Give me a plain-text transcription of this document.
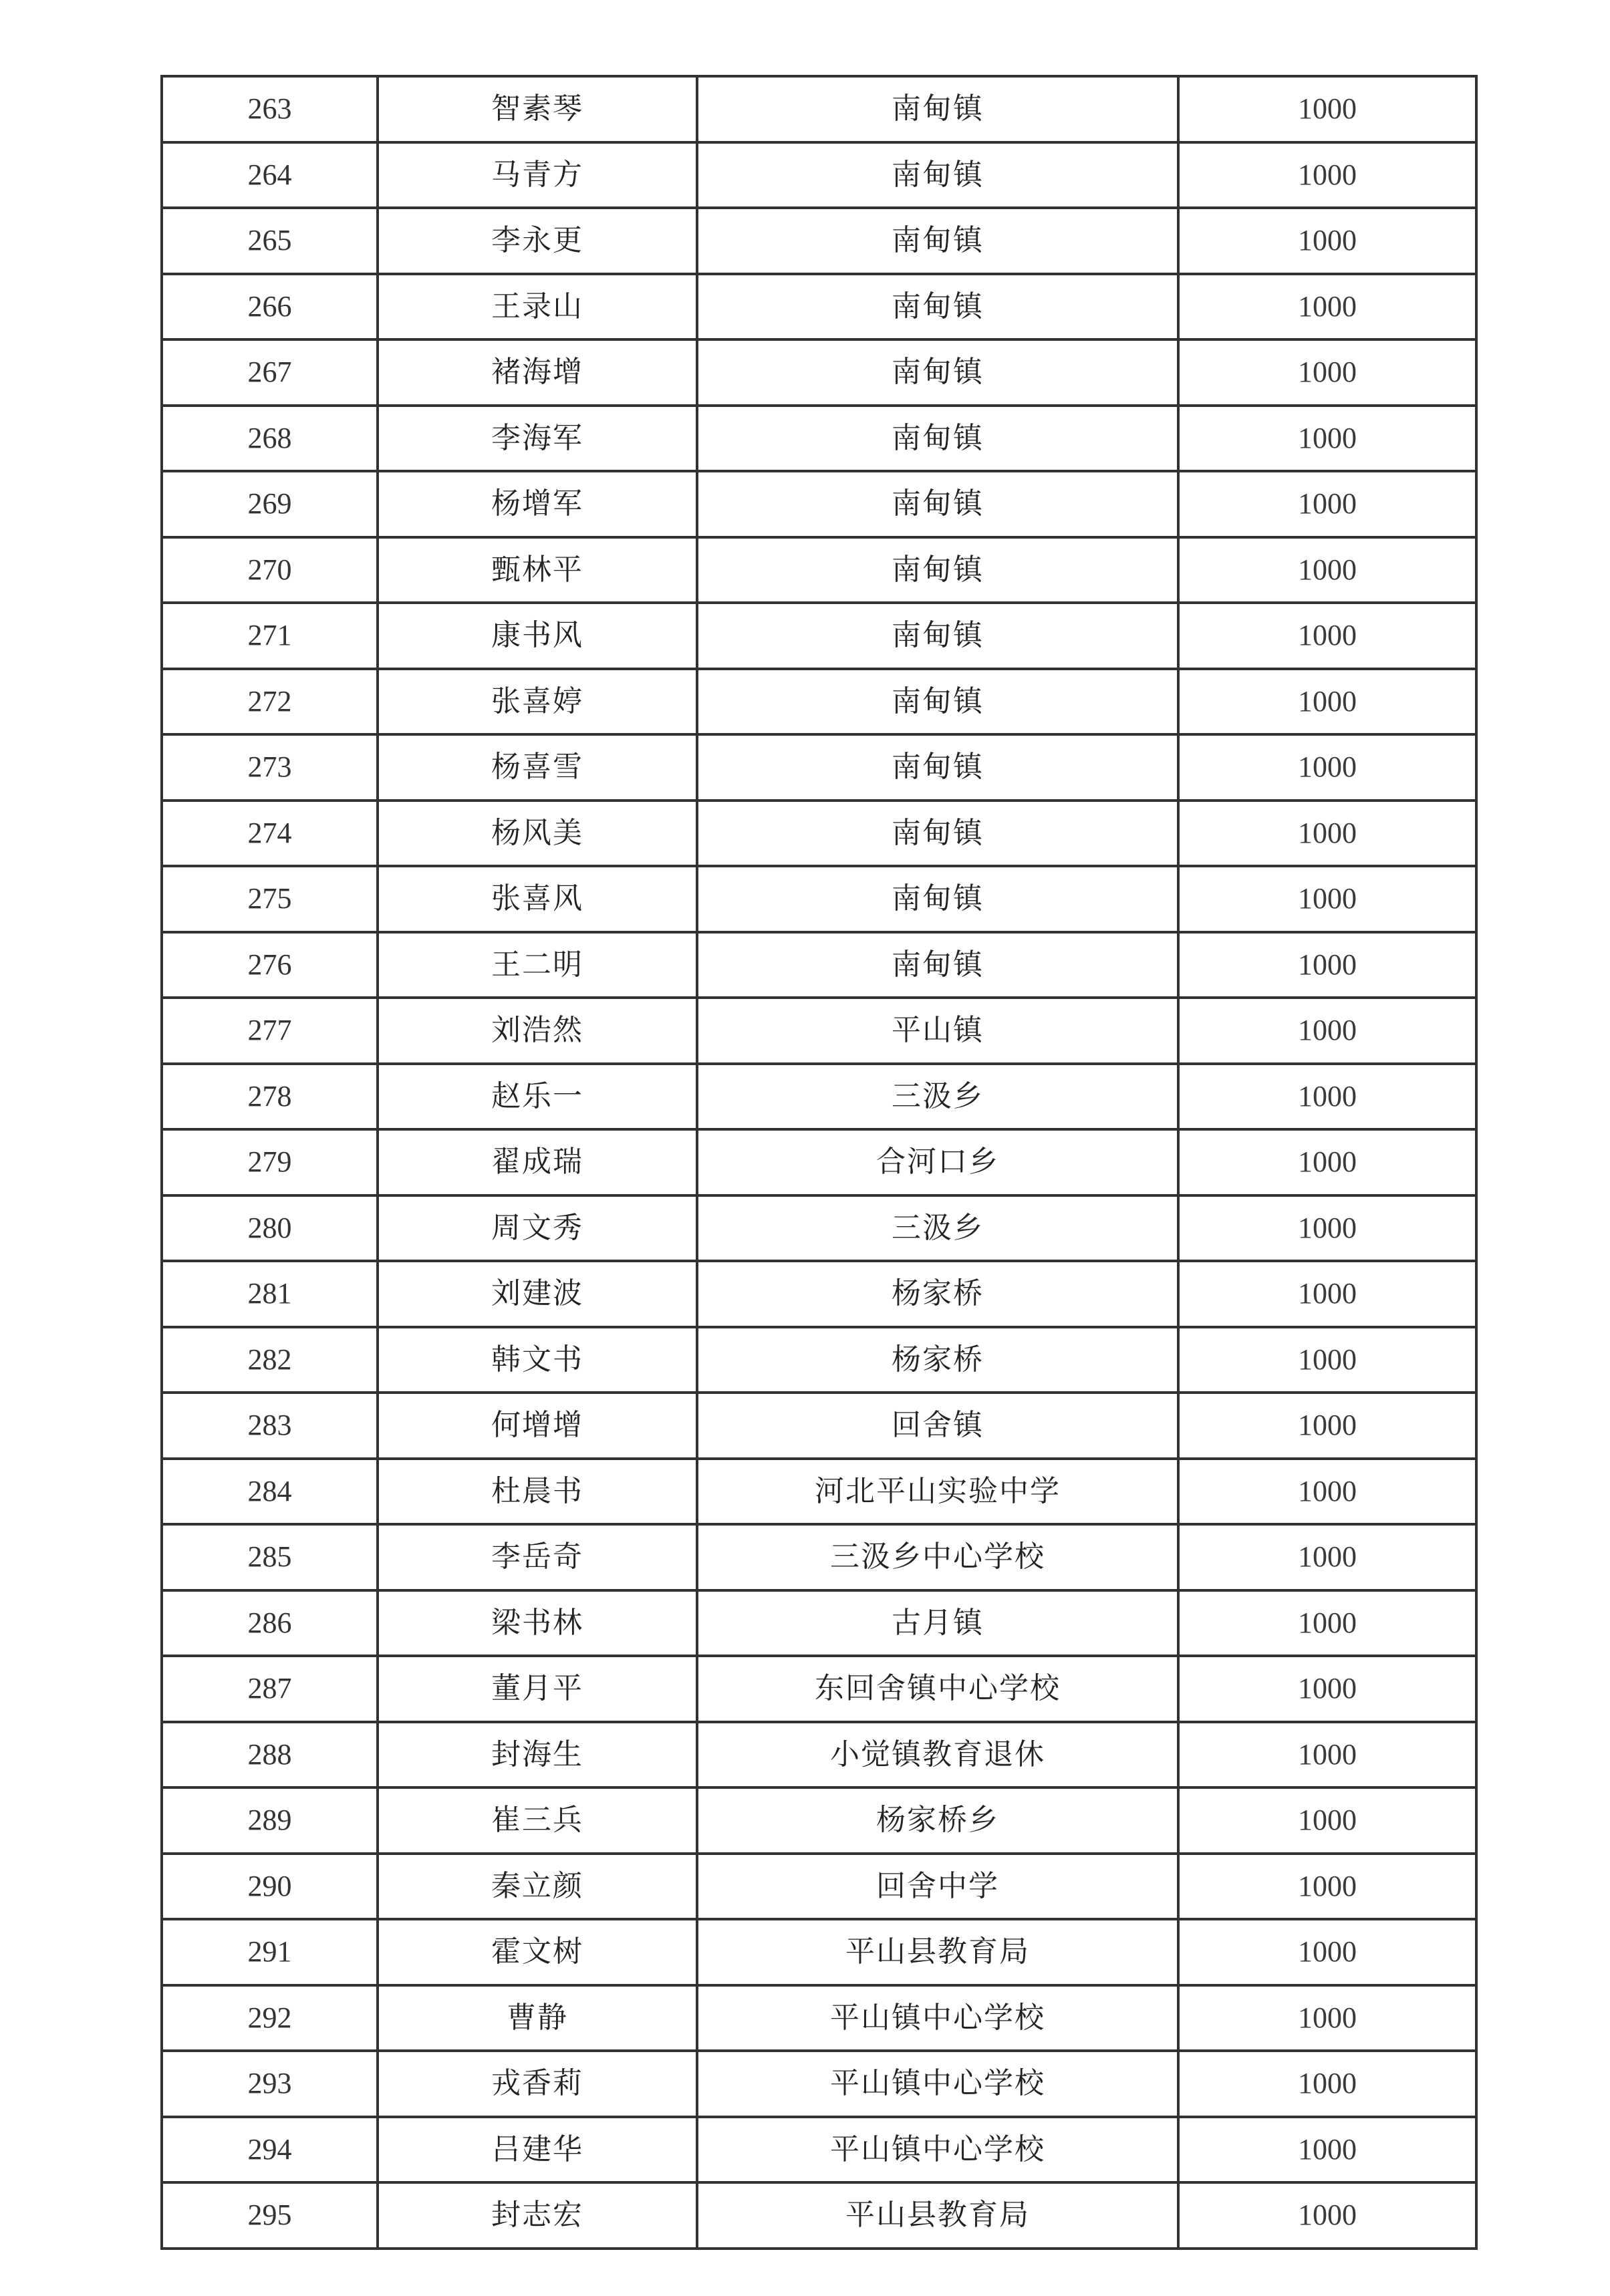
263	智素琴	南甸镇	1000
264	马青方	南甸镇	1000
265	李永更	南甸镇	1000
266	王录山	南甸镇	1000
267	褚海增	南甸镇	1000
268	李海军	南甸镇	1000
269	杨增军	南甸镇	1000
270	甄林平	南甸镇	1000
271	康书风	南甸镇	1000
272	张喜婷	南甸镇	1000
273	杨喜雪	南甸镇	1000
274	杨风美	南甸镇	1000
275	张喜风	南甸镇	1000
276	王二明	南甸镇	1000
277	刘浩然	平山镇	1000
278	赵乐一	三汲乡	1000
279	翟成瑞	合河口乡	1000
280	周文秀	三汲乡	1000
281	刘建波	杨家桥	1000
282	韩文书	杨家桥	1000
283	何增增	回舍镇	1000
284	杜晨书	河北平山实验中学	1000
285	李岳奇	三汲乡中心学校	1000
286	梁书林	古月镇	1000
287	董月平	东回舍镇中心学校	1000
288	封海生	小觉镇教育退休	1000
289	崔三兵	杨家桥乡	1000
290	秦立颜	回舍中学	1000
291	霍文树	平山县教育局	1000
292	曹静	平山镇中心学校	1000
293	戎香莉	平山镇中心学校	1000
294	吕建华	平山镇中心学校	1000
295	封志宏	平山县教育局	1000
